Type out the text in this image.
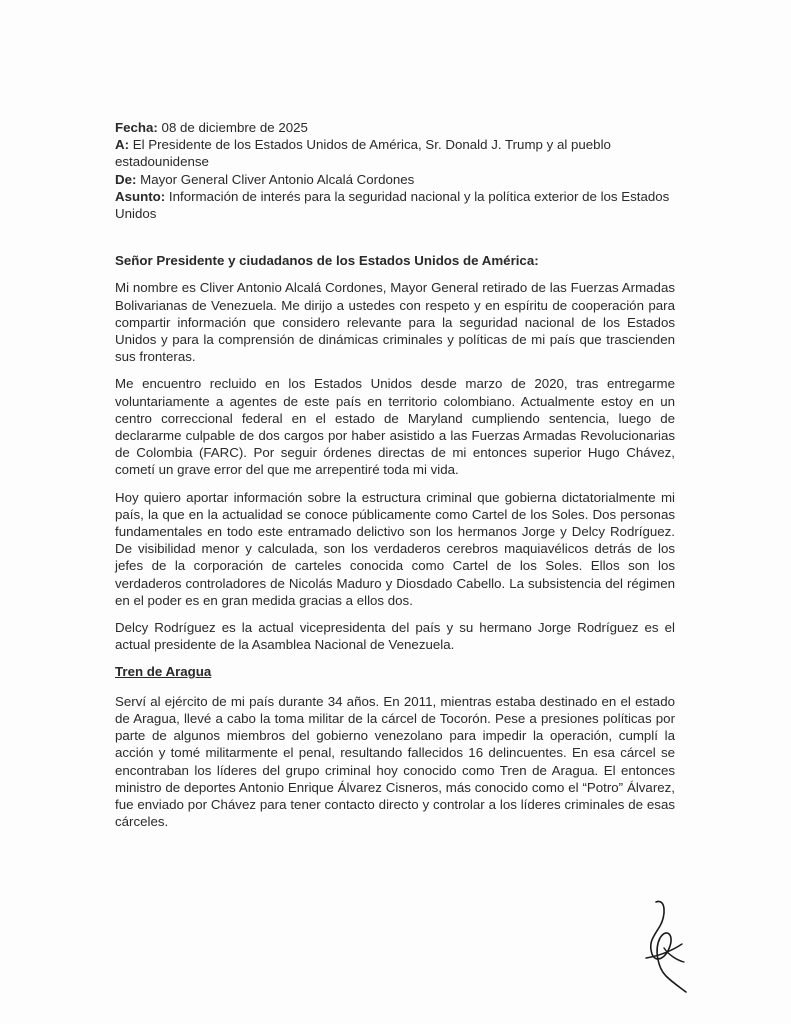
Fecha: 08 de diciembre de 2025

A: El Presidente de los Estados Unidos de América, Sr. Donald J. Trump y al pueblo estadounidense

De: Mayor General Cliver Antonio Alcalá Cordones

Asunto: Información de interés para la seguridad nacional y la política exterior de los Estados Unidos

Señor Presidente y ciudadanos de los Estados Unidos de América:

Mi nombre es Cliver Antonio Alcalá Cordones, Mayor General retirado de las Fuerzas Armadas Bolivarianas de Venezuela. Me dirijo a ustedes con respeto y en espíritu de cooperación para compartir información que considero relevante para la seguridad nacional de los Estados Unidos y para la comprensión de dinámicas criminales y políticas de mi país que trascienden sus fronteras.

Me encuentro recluido en los Estados Unidos desde marzo de 2020, tras entregarme voluntariamente a agentes de este país en territorio colombiano. Actualmente estoy en un centro correccional federal en el estado de Maryland cumpliendo sentencia, luego de declararme culpable de dos cargos por haber asistido a las Fuerzas Armadas Revolucionarias de Colombia (FARC). Por seguir órdenes directas de mi entonces superior Hugo Chávez, cometí un grave error del que me arrepentiré toda mi vida.

Hoy quiero aportar información sobre la estructura criminal que gobierna dictatorialmente mi país, la que en la actualidad se conoce públicamente como Cartel de los Soles. Dos personas fundamentales en todo este entramado delictivo son los hermanos Jorge y Delcy Rodríguez. De visibilidad menor y calculada, son los verdaderos cerebros maquiavélicos detrás de los jefes de la corporación de carteles conocida como Cartel de los Soles. Ellos son los verdaderos controladores de Nicolás Maduro y Diosdado Cabello. La subsistencia del régimen en el poder es en gran medida gracias a ellos dos.

Delcy Rodríguez es la actual vicepresidenta del país y su hermano Jorge Rodríguez es el actual presidente de la Asamblea Nacional de Venezuela.

Tren de Aragua

Serví al ejército de mi país durante 34 años. En 2011, mientras estaba destinado en el estado de Aragua, llevé a cabo la toma militar de la cárcel de Tocorón. Pese a presiones políticas por parte de algunos miembros del gobierno venezolano para impedir la operación, cumplí la acción y tomé militarmente el penal, resultando fallecidos 16 delincuentes. En esa cárcel se encontraban los líderes del grupo criminal hoy conocido como Tren de Aragua. El entonces ministro de deportes Antonio Enrique Álvarez Cisneros, más conocido como el “Potro” Álvarez, fue enviado por Chávez para tener contacto directo y controlar a los líderes criminales de esas cárceles.
